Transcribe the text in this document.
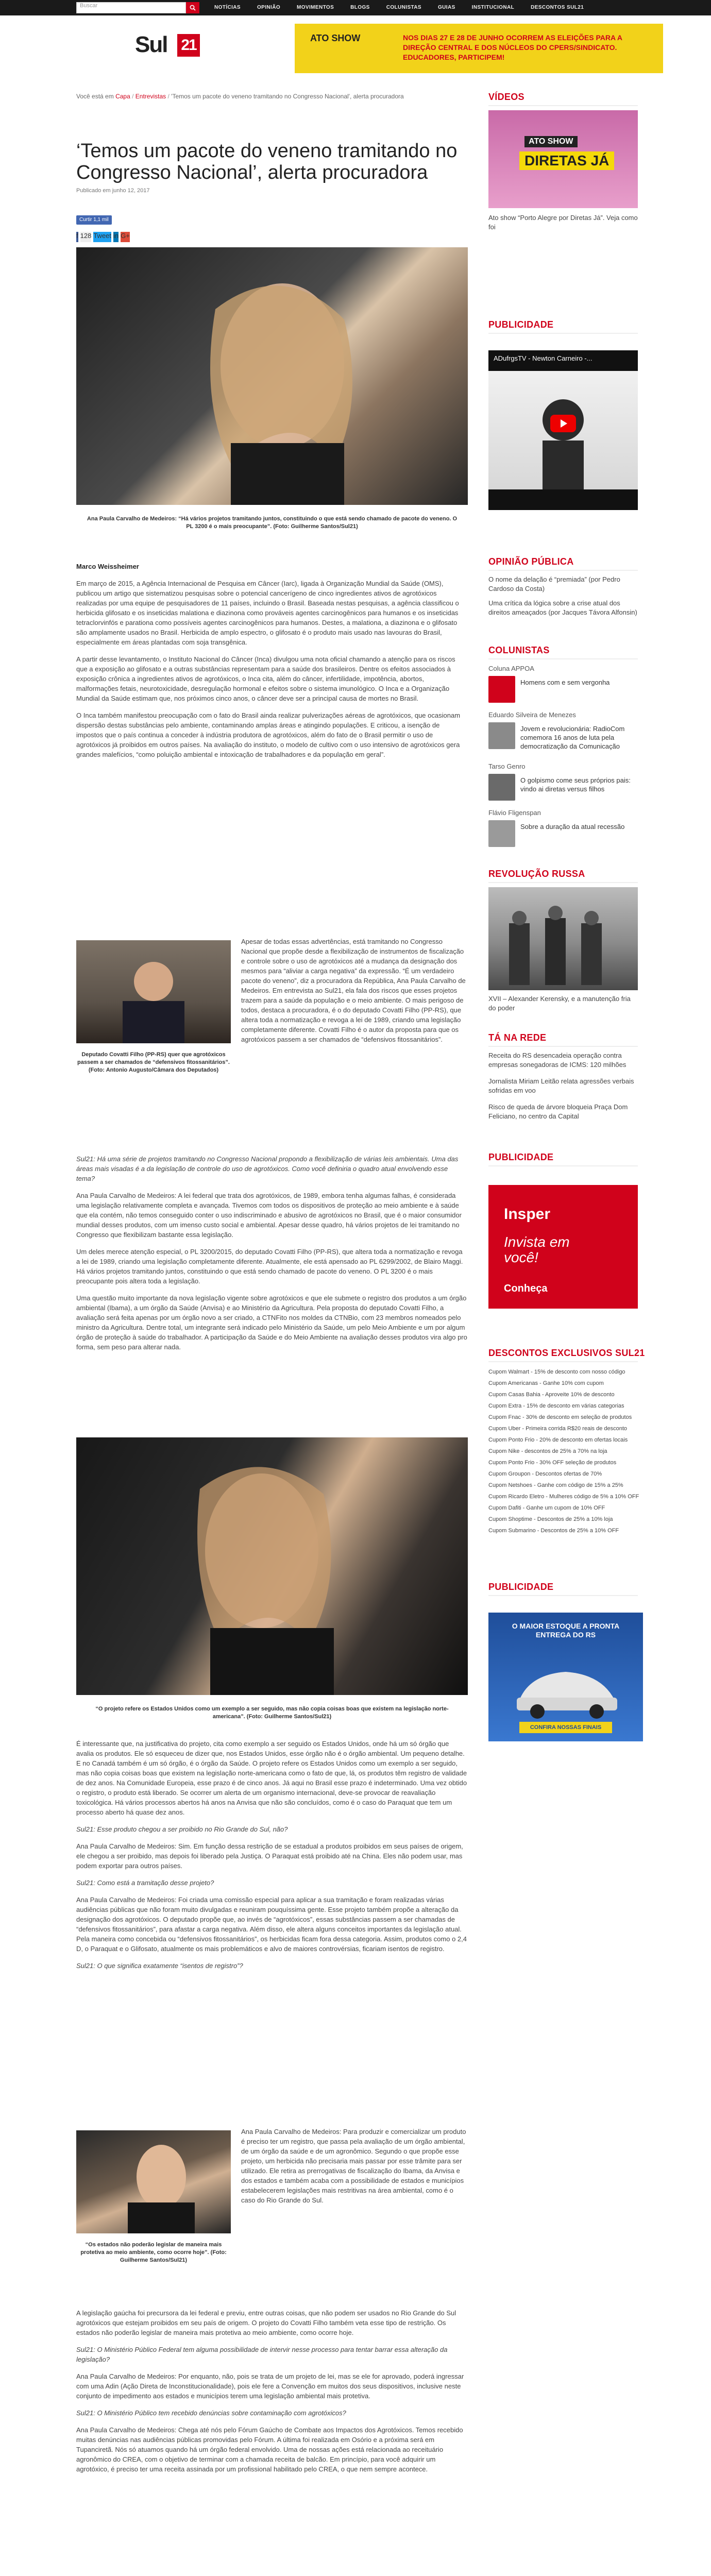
Buscar	NOTÍCIAS	OPINIÃO	MOVIMENTOS	BLOGS	COLUNISTAS	GUIAS	INSTITUCIONAL	DESCONTOS SUL21
Sul 21	ATO SHOW	NOS DIAS 27 E 28 DE JUNHO OCORREM AS ELEIÇÕES PARA A DIREÇÃO CENTRAL E DOS NÚCLEOS DO CPERS/SINDICATO. EDUCADORES, PARTICIPEM!
Você está em Capa / Entrevistas / 'Temos um pacote do veneno tramitando no Congresso Nacional', alerta procuradora
‘Temos um pacote do veneno tramitando no Congresso Nacional’, alerta procuradora
Publicado em junho 12, 2017
Curtir 1,1 mil
f 128 Tweet in G+
Ana Paula Carvalho de Medeiros: “Há vários projetos tramitando juntos, constituindo o que está sendo chamado de pacote do veneno. O PL 3200 é o mais preocupante”. (Foto: Guilherme Santos/Sul21)

Marco Weissheimer

Em março de 2015, a Agência Internacional de Pesquisa em Câncer (Iarc), ligada à Organização Mundial da Saúde (OMS), publicou um artigo que sistematizou pesquisas sobre o potencial cancerígeno de cinco ingredientes ativos de agrotóxicos realizadas por uma equipe de pesquisadores de 11 países, incluindo o Brasil. Baseada nestas pesquisas, a agência classificou o herbicida glifosato e os inseticidas malationa e diazinona como prováveis agentes carcinogênicos para humanos e os inseticidas tetraclorvinfós e parationa como possíveis agentes carcinogênicos para humanos. Destes, a malationa, a diazinona e o glifosato são amplamente usados no Brasil. Herbicida de amplo espectro, o glifosato é o produto mais usado nas lavouras do Brasil, especialmente em áreas plantadas com soja transgênica.

A partir desse levantamento, o Instituto Nacional do Câncer (Inca) divulgou uma nota oficial chamando a atenção para os riscos que a exposição ao glifosato e a outras substâncias representam para a saúde dos brasileiros. Dentre os efeitos associados à exposição crônica a ingredientes ativos de agrotóxicos, o Inca cita, além do câncer, infertilidade, impotência, abortos, malformações fetais, neurotoxicidade, desregulação hormonal e efeitos sobre o sistema imunológico. O Inca e a Organização Mundial da Saúde estimam que, nos próximos cinco anos, o câncer deve ser a principal causa de mortes no Brasil.

O Inca também manifestou preocupação com o fato do Brasil ainda realizar pulverizações aéreas de agrotóxicos, que ocasionam dispersão destas substâncias pelo ambiente, contaminando amplas áreas e atingindo populações. E criticou, a isenção de impostos que o país continua a conceder à indústria produtora de agrotóxicos, além do fato de o Brasil permitir o uso de agrotóxicos já proibidos em outros países. Na avaliação do instituto, o modelo de cultivo com o uso intensivo de agrotóxicos gera grandes malefícios, “como poluição ambiental e intoxicação de trabalhadores e da população em geral”.

Deputado Covatti Filho (PP-RS) quer que agrotóxicos passem a ser chamados de “defensivos fitossanitários”. (Foto: Antonio Augusto/Câmara dos Deputados)
Apesar de todas essas advertências, está tramitando no Congresso Nacional que propõe desde a flexibilização de instrumentos de fiscalização e controle sobre o uso de agrotóxicos até a mudança da designação dos mesmos para “aliviar a carga negativa” da expressão. “É um verdadeiro pacote do veneno”, diz a procuradora da República, Ana Paula Carvalho de Medeiros. Em entrevista ao Sul21, ela fala dos riscos que esses projetos trazem para a saúde da população e o meio ambiente. O mais perigoso de todos, destaca a procuradora, é o do deputado Covatti Filho (PP-RS), que altera toda a normatização e revoga a lei de 1989, criando uma legislação completamente diferente. Covatti Filho é o autor da proposta para que os agrotóxicos passem a ser chamados de “defensivos fitossanitários”.

Sul21: Há uma série de projetos tramitando no Congresso Nacional propondo a flexibilização de várias leis ambientais. Uma das áreas mais visadas é a da legislação de controle do uso de agrotóxicos. Como você definiria o quadro atual envolvendo esse tema?

Ana Paula Carvalho de Medeiros: A lei federal que trata dos agrotóxicos, de 1989, embora tenha algumas falhas, é considerada uma legislação relativamente completa e avançada. Tivemos com todos os dispositivos de proteção ao meio ambiente e à saúde que ela contém, não temos conseguido conter o uso indiscriminado e abusivo de agrotóxicos no Brasil, que é o maior consumidor mundial desses produtos, com um imenso custo social e ambiental. Apesar desse quadro, há vários projetos de lei tramitando no Congresso que flexibilizam bastante essa legislação.

Um deles merece atenção especial, o PL 3200/2015, do deputado Covatti Filho (PP-RS), que altera toda a normatização e revoga a lei de 1989, criando uma legislação completamente diferente. Atualmente, ele está apensado ao PL 6299/2002, de Blairo Maggi. Há vários projetos tramitando juntos, constituindo o que está sendo chamado de pacote do veneno. O PL 3200 é o mais preocupante pois altera toda a legislação.

Uma questão muito importante da nova legislação vigente sobre agrotóxicos e que ele submete o registro dos produtos a um órgão ambiental (Ibama), a um órgão da Saúde (Anvisa) e ao Ministério da Agricultura. Pela proposta do deputado Covatti Filho, a avaliação será feita apenas por um órgão novo a ser criado, a CTNFito nos moldes da CTNBio, com 23 membros nomeados pelo ministro da Agricultura. Dentre total, um integrante será indicado pelo Ministério da Saúde, um pelo Meio Ambiente e um por algum órgão de proteção à saúde do trabalhador. A participação da Saúde e do Meio Ambiente na avaliação desses produtos vira algo pro forma, sem peso para alterar nada.

“O projeto refere os Estados Unidos como um exemplo a ser seguido, mas não copia coisas boas que existem na legislação norte-americana”. (Foto: Guilherme Santos/Sul21)

É interessante que, na justificativa do projeto, cita como exemplo a ser seguido os Estados Unidos, onde há um só órgão que avalia os produtos. Ele só esqueceu de dizer que, nos Estados Unidos, esse órgão não é o órgão ambiental. Um pequeno detalhe. E no Canadá também é um só órgão, é o órgão da Saúde. O projeto refere os Estados Unidos como um exemplo a ser seguido, mas não copia coisas boas que existem na legislação norte-americana como o fato de que, lá, os produtos têm registro de validade de dez anos. Na Comunidade Europeia, esse prazo é de cinco anos. Já aqui no Brasil esse prazo é indeterminado. Uma vez obtido o registro, o produto está liberado. Se ocorrer um alerta de um organismo internacional, deve-se provocar de reavaliação toxicológica. Há vários processos abertos há anos na Anvisa que não são concluídos, como é o caso do Paraquat que tem um processo aberto há quase dez anos.

Sul21: Esse produto chegou a ser proibido no Rio Grande do Sul, não?

Ana Paula Carvalho de Medeiros: Sim. Em função dessa restrição de se estadual a produtos proibidos em seus países de origem, ele chegou a ser proibido, mas depois foi liberado pela Justiça. O Paraquat está proibido até na China. Eles não podem usar, mas podem exportar para outros países.

Sul21: Como está a tramitação desse projeto?

Ana Paula Carvalho de Medeiros: Foi criada uma comissão especial para aplicar a sua tramitação e foram realizadas várias audiências públicas que não foram muito divulgadas e reuniram pouquíssima gente. Esse projeto também propõe a alteração da designação dos agrotóxicos. O deputado propõe que, ao invés de “agrotóxicos”, essas substâncias passem a ser chamadas de “defensivos fitossanitários”, para afastar a carga negativa. Além disso, ele altera alguns conceitos importantes da legislação atual. Pela maneira como concebida ou “defensivos fitossanitários”, os herbicidas ficam fora dessa categoria. Assim, produtos como o 2,4 D, o Paraquat e o Glifosato, atualmente os mais problemáticos e alvo de maiores controvérsias, ficariam isentos de registro.

Sul21: O que significa exatamente “isentos de registro”?

“Os estados não poderão legislar de maneira mais protetiva ao meio ambiente, como ocorre hoje”. (Foto: Guilherme Santos/Sul21)
Ana Paula Carvalho de Medeiros: Para produzir e comercializar um produto é preciso ter um registro, que passa pela avaliação de um órgão ambiental, de um órgão da saúde e de um agronômico. Segundo o que propõe esse projeto, um herbicida não precisaria mais passar por esse trâmite para ser utilizado. Ele retira as prerrogativas de fiscalização do Ibama, da Anvisa e dos estados e também acaba com a possibilidade de estados e municípios estabelecerem legislações mais restritivas na área ambiental, como é o caso do Rio Grande do Sul.

A legislação gaúcha foi precursora da lei federal e previu, entre outras coisas, que não podem ser usados no Rio Grande do Sul agrotóxicos que estejam proibidos em seu país de origem. O projeto do Covatti Filho também veta esse tipo de restrição. Os estados não poderão legislar de maneira mais protetiva ao meio ambiente, como ocorre hoje.

Sul21: O Ministério Público Federal tem alguma possibilidade de intervir nesse processo para tentar barrar essa alteração da legislação?

Ana Paula Carvalho de Medeiros: Por enquanto, não, pois se trata de um projeto de lei, mas se ele for aprovado, poderá ingressar com uma Adin (Ação Direta de Inconstitucionalidade), pois ele fere a Convenção em muitos dos seus dispositivos, inclusive neste conjunto de impedimento aos estados e municípios terem uma legislação ambiental mais protetiva.

Sul21: O Ministério Público tem recebido denúncias sobre contaminação com agrotóxicos?

Ana Paula Carvalho de Medeiros: Chega até nós pelo Fórum Gaúcho de Combate aos Impactos dos Agrotóxicos. Temos recebido muitas denúncias nas audiências públicas promovidas pelo Fórum. A última foi realizada em Osório e a próxima será em Tupanciretã. Nós só atuamos quando há um órgão federal envolvido. Uma de nossas ações está relacionada ao receituário agronômico do CREA, com o objetivo de terminar com a chamada receita de balcão. Em princípio, para você adquirir um agrotóxico, é preciso ter uma receita assinada por um profissional habilitado pelo CREA, o que nem sempre acontece.

VÍDEOS
ATO SHOW
DIRETAS JÁ
Ato show “Porto Alegre por Diretas Já”. Veja como foi
PUBLICIDADE
ADufrgsTV - Newton Carneiro -...
OPINIÃO PÚBLICA
O nome da delação é “premiada” (por Pedro Cardoso da Costa)
Uma crítica da lógica sobre a crise atual dos direitos ameaçados (por Jacques Távora Alfonsin)
COLUNISTAS
Coluna APPOA
Homens com e sem vergonha
Eduardo Silveira de Menezes
Jovem e revolucionária: RadioCom comemora 16 anos de luta pela democratização da Comunicação
Tarso Genro
O golpismo come seus próprios pais: vindo ai diretas versus filhos
Flávio Fligenspan
Sobre a duração da atual recessão
REVOLUÇÃO RUSSA
XVII – Alexander Kerensky, e a manutenção fria do poder
TÁ NA REDE
Receita do RS desencadeia operação contra empresas sonegadoras de ICMS: 120 milhões
Jornalista Miriam Leitão relata agressões verbais sofridas em voo
Risco de queda de árvore bloqueia Praça Dom Feliciano, no centro da Capital
PUBLICIDADE
Insper
Invista em você!
Conheça
DESCONTOS EXCLUSIVOS SUL21
Cupom Walmart - 15% de desconto com nosso código
Cupom Americanas - Ganhe 10% com cupom
Cupom Casas Bahia - Aproveite 10% de desconto
Cupom Extra - 15% de desconto em várias categorias
Cupom Fnac - 30% de desconto em seleção de produtos
Cupom Uber - Primeira corrida R$20 reais de desconto
Cupom Ponto Frio - 20% de desconto em ofertas locais
Cupom Nike - descontos de 25% a 70% na loja
Cupom Ponto Frio - 30% OFF seleção de produtos
Cupom Groupon - Descontos ofertas de 70%
Cupom Netshoes - Ganhe com código de 15% a 25%
Cupom Ricardo Eletro - Mulheres código de 5% a 10% OFF
Cupom Dafiti - Ganhe um cupom de 10% OFF
Cupom Shoptime - Descontos de 25% a 10% loja
Cupom Submarino - Descontos de 25% a 10% OFF
PUBLICIDADE
O MAIOR ESTOQUE A PRONTA ENTREGA DO RS
CONFIRA NOSSAS FINAIS
